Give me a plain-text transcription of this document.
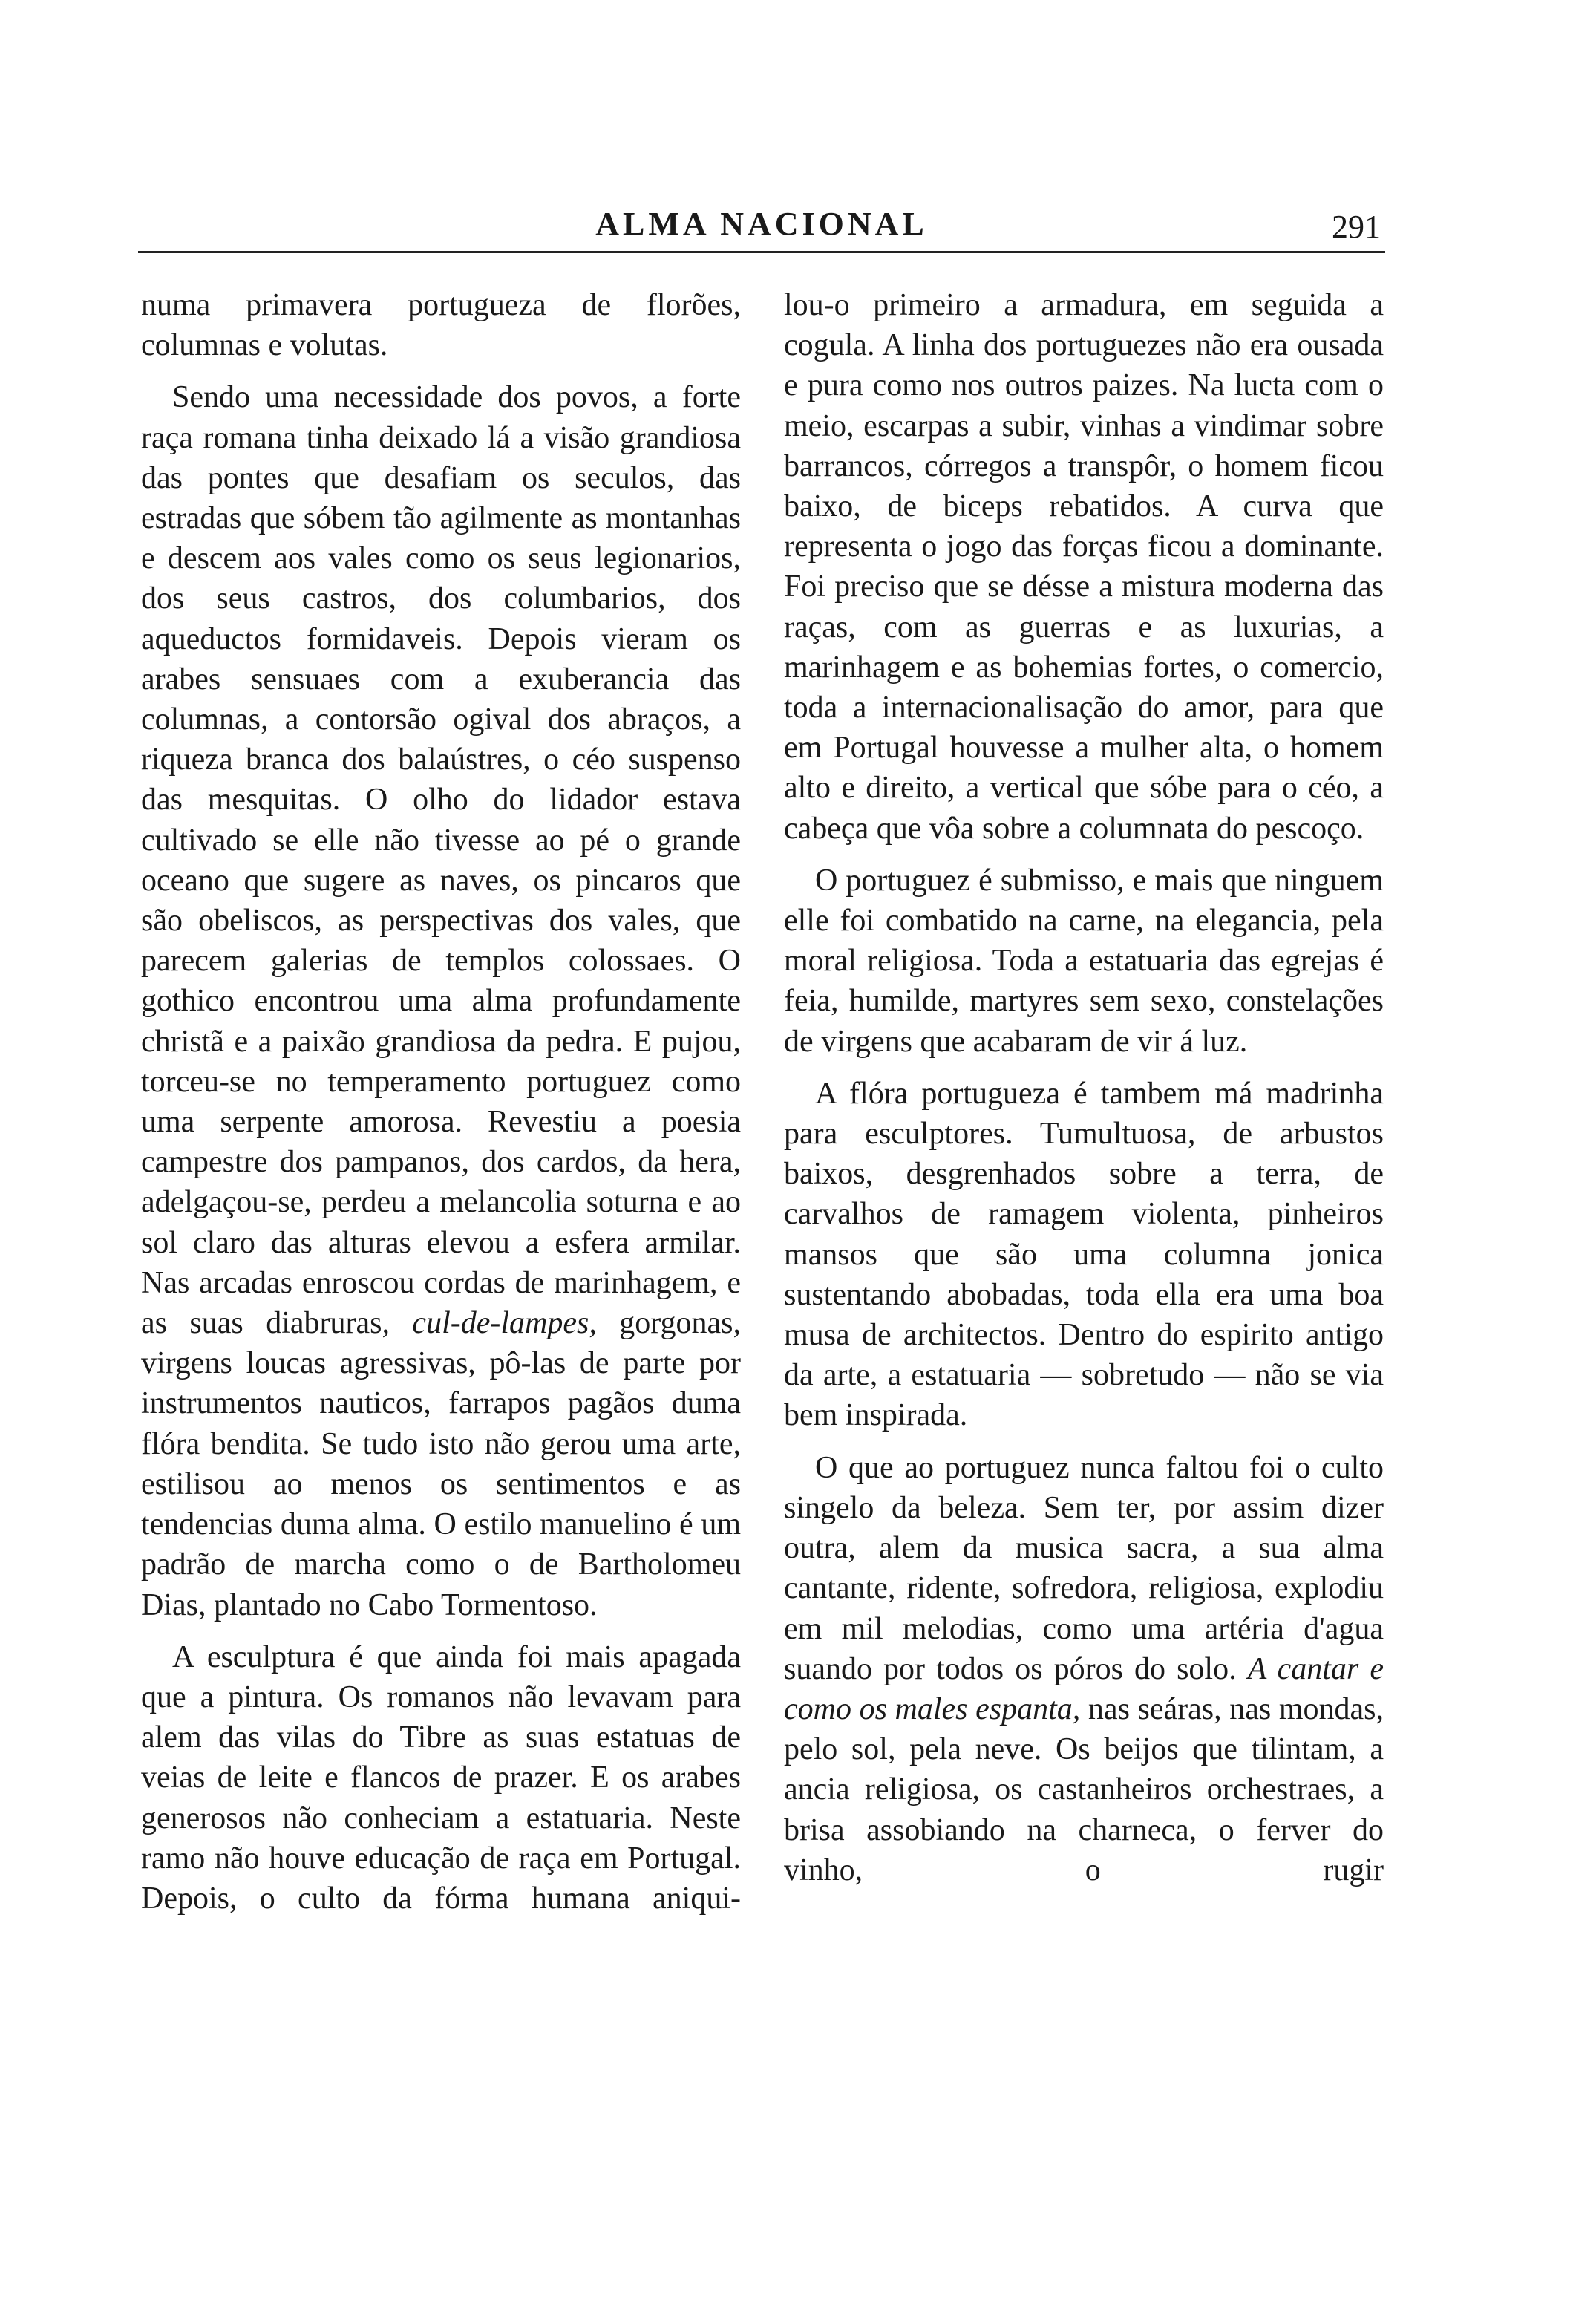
ALMA NACIONAL	291

numa primavera portugueza de florões, columnas e volutas.

Sendo uma necessidade dos povos, a forte raça romana tinha deixado lá a visão grandiosa das pontes que desafiam os seculos, das estradas que sóbem tão agilmente as montanhas e descem aos vales como os seus legionarios, dos seus castros, dos columbarios, dos aqueductos formidaveis. Depois vieram os arabes sensuaes com a exuberancia das columnas, a contorsão ogival dos abraços, a riqueza branca dos balaústres, o céo suspenso das mesquitas. O olho do lidador estava cultivado se elle não tivesse ao pé o grande oceano que sugere as naves, os pincaros que são obeliscos, as perspectivas dos vales, que parecem galerias de templos colossaes. O gothico encontrou uma alma profundamente christã e a paixão grandiosa da pedra. E pujou, torceu-se no temperamento portuguez como uma serpente amorosa. Revestiu a poesia campestre dos pampanos, dos cardos, da hera, adelgaçou-se, perdeu a melancolia soturna e ao sol claro das alturas elevou a esfera armilar. Nas arcadas enroscou cordas de marinhagem, e as suas diabruras, cul-de-lampes, gorgonas, virgens loucas agressivas, pô-las de parte por instrumentos nauticos, farrapos pagãos duma flóra bendita. Se tudo isto não gerou uma arte, estilisou ao menos os sentimentos e as tendencias duma alma. O estilo manuelino é um padrão de marcha como o de Bartholomeu Dias, plantado no Cabo Tormentoso.

A esculptura é que ainda foi mais apagada que a pintura. Os romanos não levavam para alem das vilas do Tibre as suas estatuas de veias de leite e flancos de prazer. E os arabes generosos não conheciam a estatuaria. Neste ramo não houve educação de raça em Portugal. Depois, o culto da fórma humana aniqui-

lou-o primeiro a armadura, em seguida a cogula. A linha dos portuguezes não era ousada e pura como nos outros paizes. Na lucta com o meio, escarpas a subir, vinhas a vindimar sobre barrancos, córregos a transpôr, o homem ficou baixo, de biceps rebatidos. A curva que representa o jogo das forças ficou a dominante. Foi preciso que se désse a mistura moderna das raças, com as guerras e as luxurias, a marinhagem e as bohemias fortes, o comercio, toda a internacionalisação do amor, para que em Portugal houvesse a mulher alta, o homem alto e direito, a vertical que sóbe para o céo, a cabeça que vôa sobre a columnata do pescoço.

O portuguez é submisso, e mais que ninguem elle foi combatido na carne, na elegancia, pela moral religiosa. Toda a estatuaria das egrejas é feia, humilde, martyres sem sexo, constelações de virgens que acabaram de vir á luz.

A flóra portugueza é tambem má madrinha para esculptores. Tumultuosa, de arbustos baixos, desgrenhados sobre a terra, de carvalhos de ramagem violenta, pinheiros mansos que são uma columna jonica sustentando abobadas, toda ella era uma boa musa de architectos. Dentro do espirito antigo da arte, a estatuaria — sobretudo — não se via bem inspirada.

O que ao portuguez nunca faltou foi o culto singelo da beleza. Sem ter, por assim dizer outra, alem da musica sacra, a sua alma cantante, ridente, sofredora, religiosa, explodiu em mil melodias, como uma artéria d'agua suando por todos os póros do solo. A cantar e como os males espanta, nas seáras, nas mondas, pelo sol, pela neve. Os beijos que tilintam, a ancia religiosa, os castanheiros orchestraes, a brisa assobiando na charneca, o ferver do vinho, o rugir
